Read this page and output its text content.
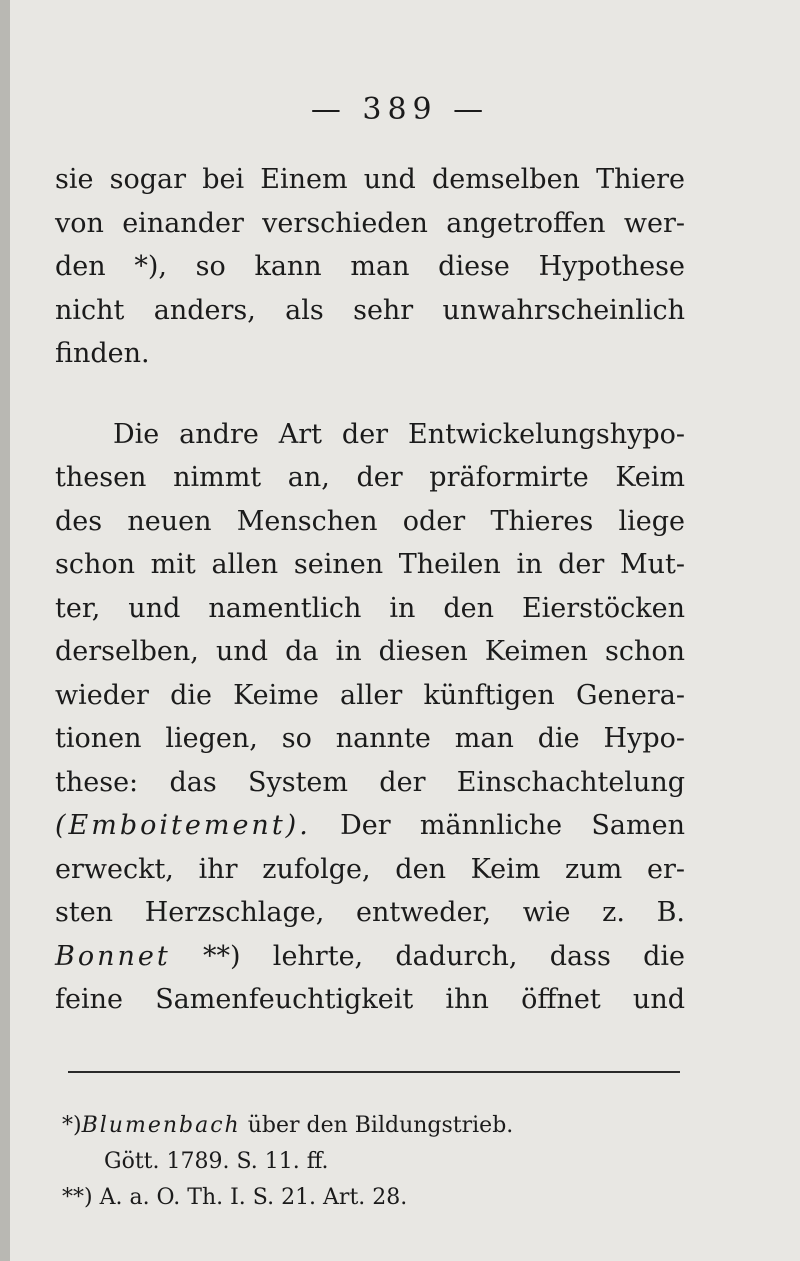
— 389 —
sie sogar bei Einem und demselben Thiere
von einander verschieden angetroffen wer-
den *), so kann man diese Hypothese
nicht anders, als sehr unwahrscheinlich
finden.
Die andre Art der Entwickelungshypo-
thesen nimmt an, der präformirte Keim
des neuen Menschen oder Thieres liege
schon mit allen seinen Theilen in der Mut-
ter, und namentlich in den Eierstöcken
derselben, und da in diesen Keimen schon
wieder die Keime aller künftigen Genera-
tionen liegen, so nannte man die Hypo-
these: das System der Einschachtelung
(Emboitement). Der männliche Samen
erweckt, ihr zufolge, den Keim zum er-
sten Herzschlage, entweder, wie z. B.
Bonnet **) lehrte, dadurch, dass die
feine Samenfeuchtigkeit ihn öffnet und
*)Blumenbach über den Bildungstrieb.
Gött. 1789. S. 11. ff.
**) A. a. O. Th. I. S. 21. Art. 28.
